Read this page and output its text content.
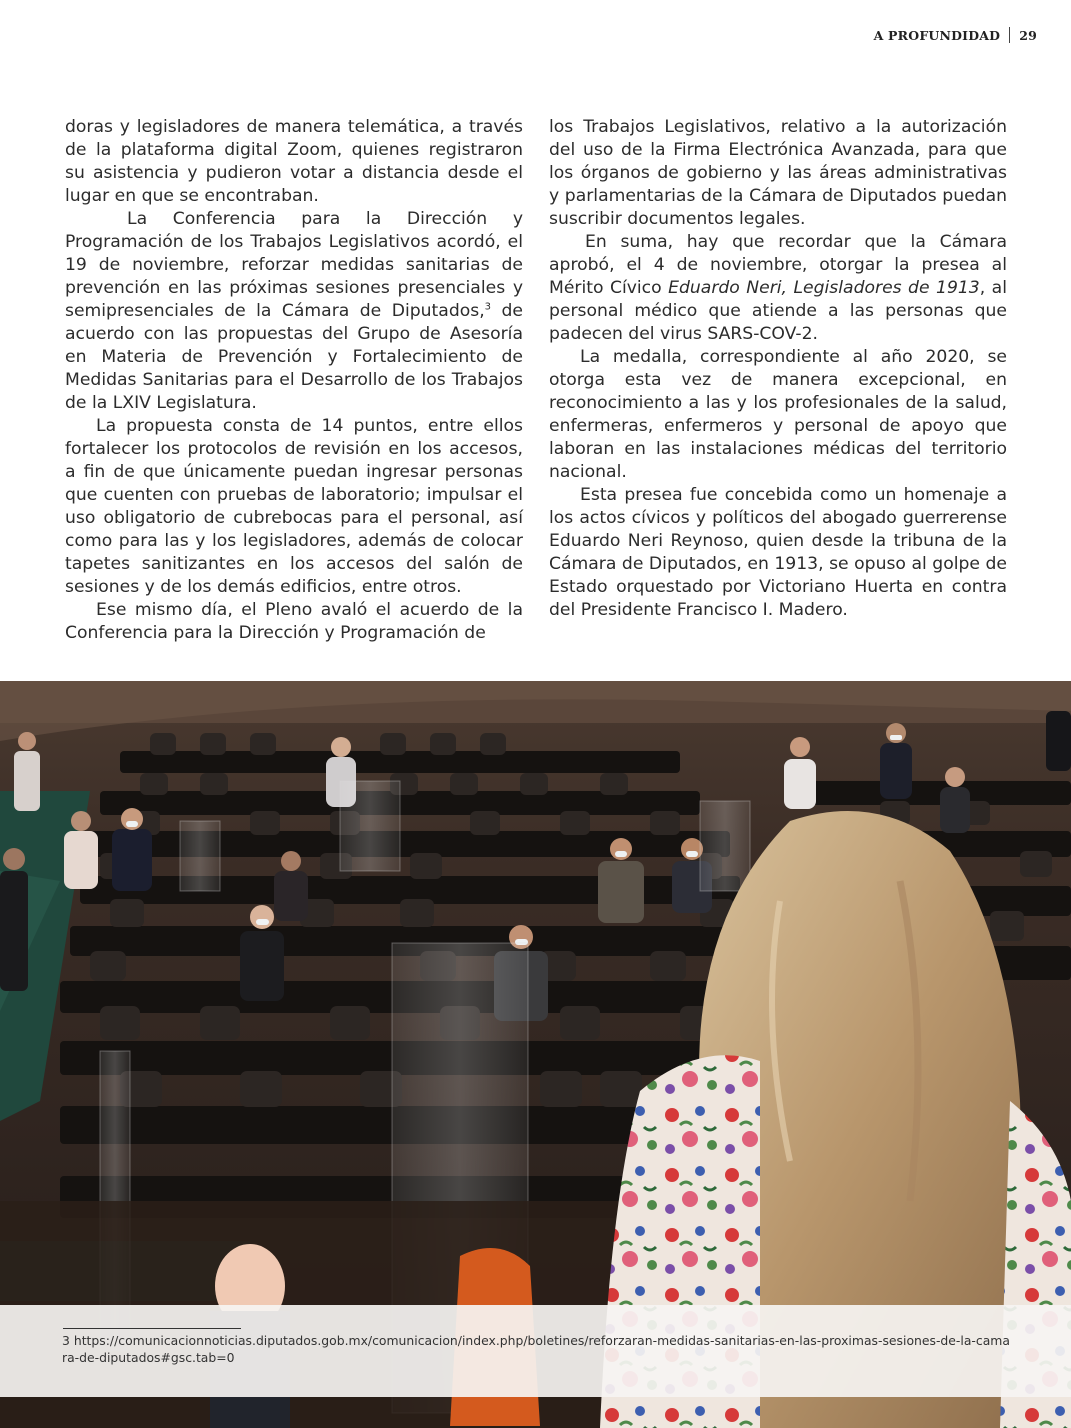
A PROFUNDIDAD 29

doras y legisladores de manera telemática, a través de la plataforma digital Zoom, quienes registraron su asistencia y pudieron votar a distancia desde el lugar en que se encontraban.

La Conferencia para la Dirección y Programación de los Trabajos Legislativos acordó, el 19 de noviembre, reforzar medidas sanitarias de prevención en las próximas sesiones presenciales y semipresenciales de la Cámara de Diputados,$^3$ de acuerdo con las propuestas del Grupo de Asesoría en Materia de Prevención y Fortalecimiento de Medidas Sanitarias para el Desarrollo de los Trabajos de la LXIV Legislatura.

La propuesta consta de 14 puntos, entre ellos fortalecer los protocolos de revisión en los accesos, a fin de que únicamente puedan ingresar personas que cuenten con pruebas de laboratorio; impulsar el uso obligatorio de cubrebocas para el personal, así como para las y los legisladores, además de colocar tapetes sanitizantes en los accesos del salón de sesiones y de los demás edificios, entre otros.

Ese mismo día, el Pleno avaló el acuerdo de la Conferencia para la Dirección y Programación de

los Trabajos Legislativos, relativo a la autorización del uso de la Firma Electrónica Avanzada, para que los órganos de gobierno y las áreas administrativas y parlamentarias de la Cámara de Diputados puedan suscribir documentos legales.

En suma, hay que recordar que la Cámara aprobó, el 4 de noviembre, otorgar la presea al Mérito Cívico Eduardo Neri, Legisladores de 1913, al personal médico que atiende a las personas que padecen del virus SARS-COV-2.

La medalla, correspondiente al año 2020, se otorga esta vez de manera excepcional, en reconocimiento a las y los profesionales de la salud, enfermeras, enfermeros y personal de apoyo que laboran en las instalaciones médicas del territorio nacional.

Esta presea fue concebida como un homenaje a los actos cívicos y políticos del abogado guerrerense Eduardo Neri Reynoso, quien desde la tribuna de la Cámara de Diputados, en 1913, se opuso al golpe de Estado orquestado por Victoriano Huerta en contra del Presidente Francisco I. Madero.

3 https://comunicacionnoticias.diputados.gob.mx/comunicacion/index.php/boletines/reforzaran-medidas-sanitarias-en-las-proximas-sesiones-de-la-camara-de-diputados#gsc.tab=0
